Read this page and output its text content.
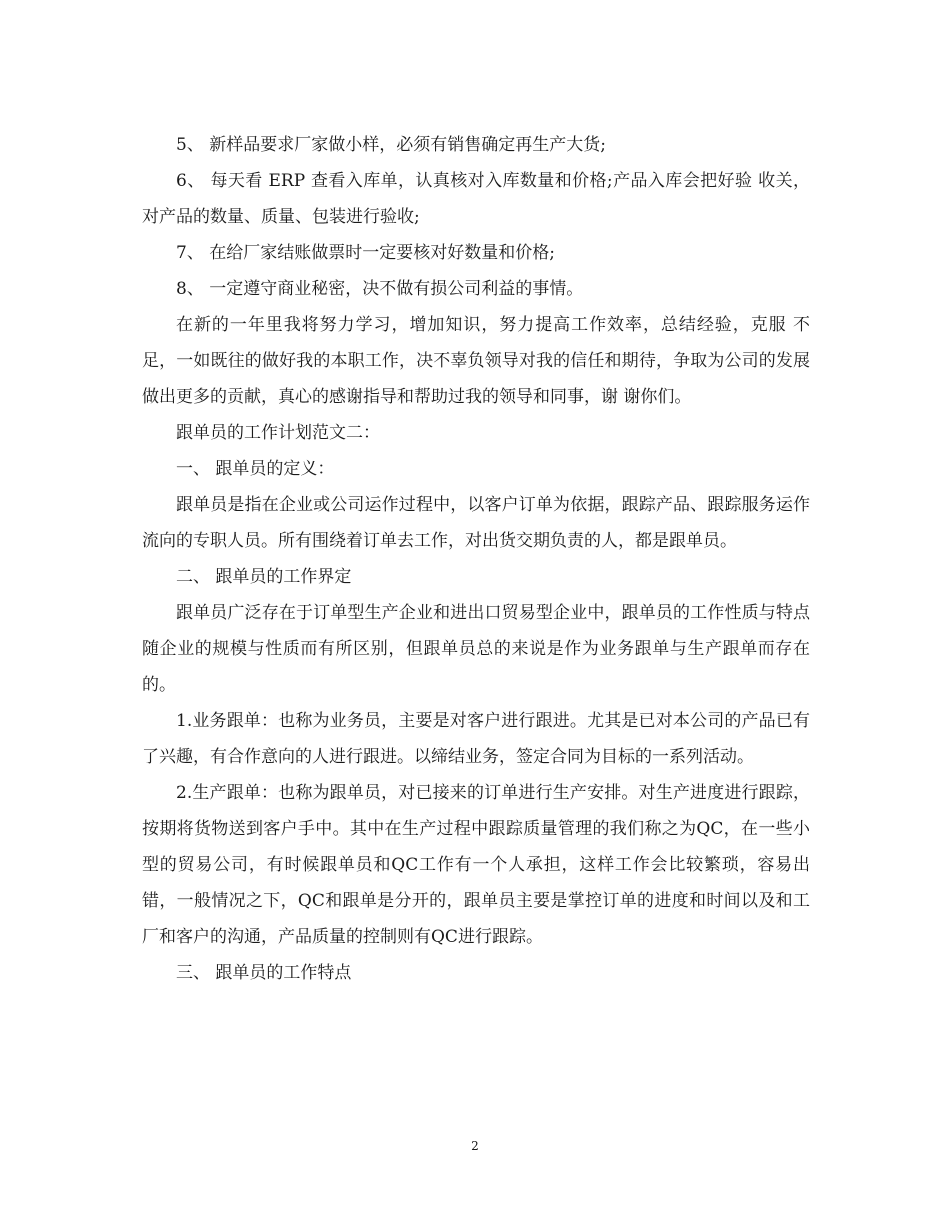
5、 新样品要求厂家做小样，必须有销售确定再生产大货;

6、 每天看 ERP 查看入库单，认真核对入库数量和价格;产品入库会把好验 收关，对产品的数量、质量、包装进行验收;

7、 在给厂家结账做票时一定要核对好数量和价格;

8、 一定遵守商业秘密，决不做有损公司利益的事情。

在新的一年里我将努力学习，增加知识，努力提高工作效率，总结经验，克服 不足，一如既往的做好我的本职工作，决不辜负领导对我的信任和期待，争取为公司的发展做出更多的贡献，真心的感谢指导和帮助过我的领导和同事，谢 谢你们。

跟单员的工作计划范文二：

一、 跟单员的定义：

跟单员是指在企业或公司运作过程中，以客户订单为依据，跟踪产品、跟踪服务运作流向的专职人员。所有围绕着订单去工作，对出货交期负责的人，都是跟单员。

二、 跟单员的工作界定

跟单员广泛存在于订单型生产企业和进出口贸易型企业中，跟单员的工作性质与特点随企业的规模与性质而有所区别，但跟单员总的来说是作为业务跟单与生产跟单而存在的。

1.业务跟单：也称为业务员，主要是对客户进行跟进。尤其是已对本公司的产品已有了兴趣，有合作意向的人进行跟进。以缔结业务，签定合同为目标的一系列活动。

2.生产跟单：也称为跟单员，对已接来的订单进行生产安排。对生产进度进行跟踪，按期将货物送到客户手中。其中在生产过程中跟踪质量管理的我们称之为QC，在一些小型的贸易公司，有时候跟单员和QC工作有一个人承担，这样工作会比较繁琐，容易出错，一般情况之下，QC和跟单是分开的，跟单员主要是掌控订单的进度和时间以及和工厂和客户的沟通，产品质量的控制则有QC进行跟踪。

三、 跟单员的工作特点

2
